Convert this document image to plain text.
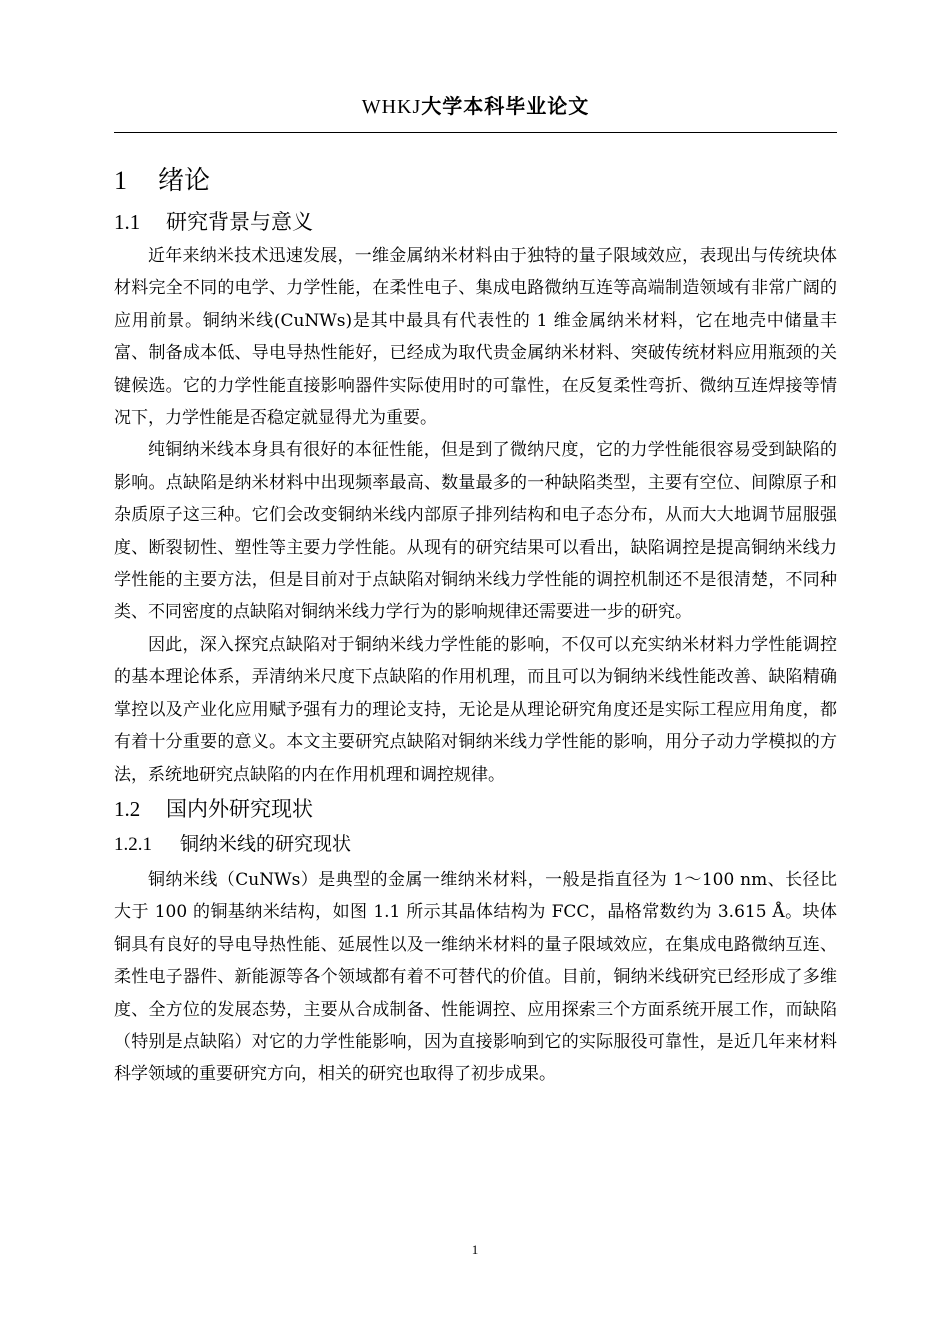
WHKJ大学本科毕业论文
1 绪论
1.1 研究背景与意义

近年来纳米技术迅速发展，一维金属纳米材料由于独特的量子限域效应，表现出与传统块体材料完全不同的电学、力学性能，在柔性电子、集成电路微纳互连等高端制造领域有非常广阔的应用前景。铜纳米线(CuNWs)是其中最具有代表性的 1 维金属纳米材料，它在地壳中储量丰富、制备成本低、导电导热性能好，已经成为取代贵金属纳米材料、突破传统材料应用瓶颈的关键候选。它的力学性能直接影响器件实际使用时的可靠性，在反复柔性弯折、微纳互连焊接等情况下，力学性能是否稳定就显得尤为重要。

纯铜纳米线本身具有很好的本征性能，但是到了微纳尺度，它的力学性能很容易受到缺陷的影响。点缺陷是纳米材料中出现频率最高、数量最多的一种缺陷类型，主要有空位、间隙原子和杂质原子这三种。它们会改变铜纳米线内部原子排列结构和电子态分布，从而大大地调节屈服强度、断裂韧性、塑性等主要力学性能。从现有的研究结果可以看出，缺陷调控是提高铜纳米线力学性能的主要方法，但是目前对于点缺陷对铜纳米线力学性能的调控机制还不是很清楚，不同种类、不同密度的点缺陷对铜纳米线力学行为的影响规律还需要进一步的研究。

因此，深入探究点缺陷对于铜纳米线力学性能的影响，不仅可以充实纳米材料力学性能调控的基本理论体系，弄清纳米尺度下点缺陷的作用机理，而且可以为铜纳米线性能改善、缺陷精确掌控以及产业化应用赋予强有力的理论支持，无论是从理论研究角度还是实际工程应用角度，都有着十分重要的意义。本文主要研究点缺陷对铜纳米线力学性能的影响，用分子动力学模拟的方法，系统地研究点缺陷的内在作用机理和调控规律。

1.2 国内外研究现状
1.2.1 铜纳米线的研究现状

铜纳米线（CuNWs）是典型的金属一维纳米材料，一般是指直径为 1～100 nm、长径比大于 100 的铜基纳米结构，如图 1.1 所示其晶体结构为 FCC，晶格常数约为 3.615 Å。块体铜具有良好的导电导热性能、延展性以及一维纳米材料的量子限域效应，在集成电路微纳互连、柔性电子器件、新能源等各个领域都有着不可替代的价值。目前，铜纳米线研究已经形成了多维度、全方位的发展态势，主要从合成制备、性能调控、应用探索三个方面系统开展工作，而缺陷（特别是点缺陷）对它的力学性能影响，因为直接影响到它的实际服役可靠性，是近几年来材料科学领域的重要研究方向，相关的研究也取得了初步成果。

1
